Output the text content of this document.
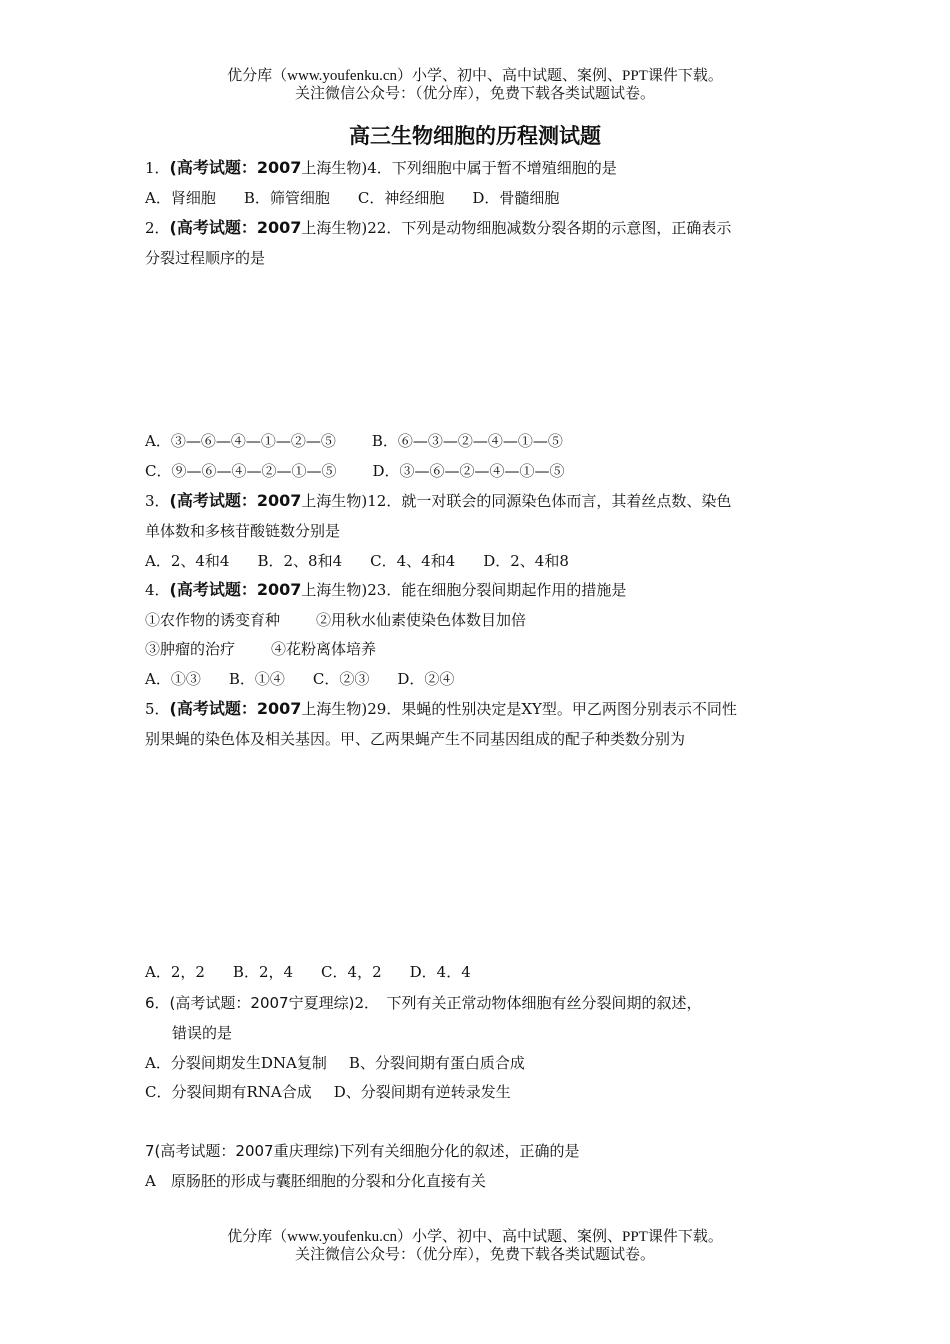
优分库（www.youfenku.cn）小学、初中、高中试题、案例、PPT课件下载。
关注微信公众号：（优分库），免费下载各类试题试卷。
高三生物细胞的历程测试题
1．(高考试题：2007上海生物)4．下列细胞中属于暂不增殖细胞的是
A．肾细胞 B．筛管细胞 C．神经细胞 D．骨髓细胞
2．(高考试题：2007上海生物)22．下列是动物细胞减数分裂各期的示意图，正确表示
分裂过程顺序的是
A．③—⑥—④—①—②—⑤ B．⑥—③—②—④—①—⑤
C．⑨—⑥—④—②—①—⑤ D．③—⑥—②—④—①—⑤
3．(高考试题：2007上海生物)12．就一对联会的同源染色体而言，其着丝点数、染色
单体数和多核苷酸链数分别是
A．2、4和4 B．2、8和4 C．4、4和4 D．2、4和8
4．(高考试题：2007上海生物)23．能在细胞分裂间期起作用的措施是
①农作物的诱变育种 ②用秋水仙素使染色体数目加倍
③肿瘤的治疗 ④花粉离体培养
A．①③ B．①④ C．②③ D．②④
5．(高考试题：2007上海生物)29．果蝇的性别决定是XY型。甲乙两图分别表示不同性
别果蝇的染色体及相关基因。甲、乙两果蝇产生不同基因组成的配子种类数分别为
A．2，2 B．2，4 C．4，2 D．4．4
6．(高考试题：2007宁夏理综)2．　下列有关正常动物体细胞有丝分裂间期的叙述，
错误的是
A．分裂间期发生DNA复制 B、分裂间期有蛋白质合成
C．分裂间期有RNA合成 D、分裂间期有逆转录发生
7(高考试题：2007重庆理综)下列有关细胞分化的叙述，正确的是
A　原肠胚的形成与囊胚细胞的分裂和分化直接有关
优分库（www.youfenku.cn）小学、初中、高中试题、案例、PPT课件下载。
关注微信公众号：（优分库），免费下载各类试题试卷。
